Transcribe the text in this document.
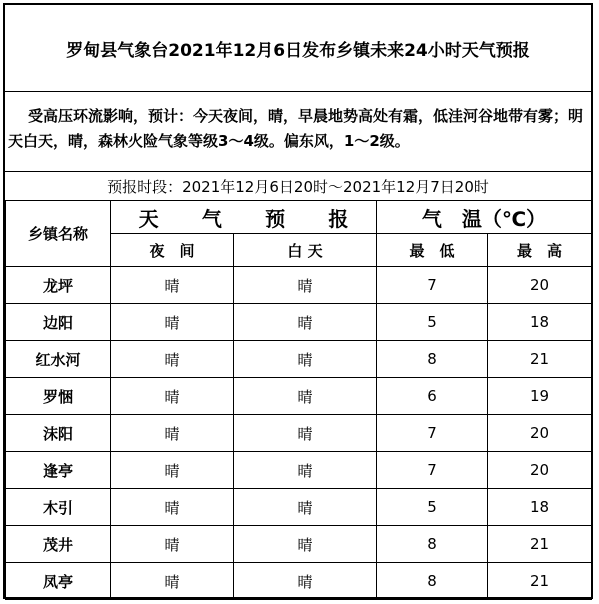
罗甸县气象台2021年12月6日发布乡镇未来24小时天气预报
受高压环流影响，预计：今天夜间，晴，早晨地势高处有霜，低洼河谷地带有雾；明天白天，晴，森林火险气象等级3～4级。偏东风，1～2级。
预报时段：2021年12月6日20时～2021年12月7日20时
乡镇名称	天 气 预 报		气　温（℃）	
	夜　间	白 天	最　低	最　高
龙坪	晴	晴	7	20
边阳	晴	晴	5	18
红水河	晴	晴	8	21
罗悃	晴	晴	6	19
沫阳	晴	晴	7	20
逢亭	晴	晴	7	20
木引	晴	晴	5	18
茂井	晴	晴	8	21
凤亭	晴	晴	8	21
